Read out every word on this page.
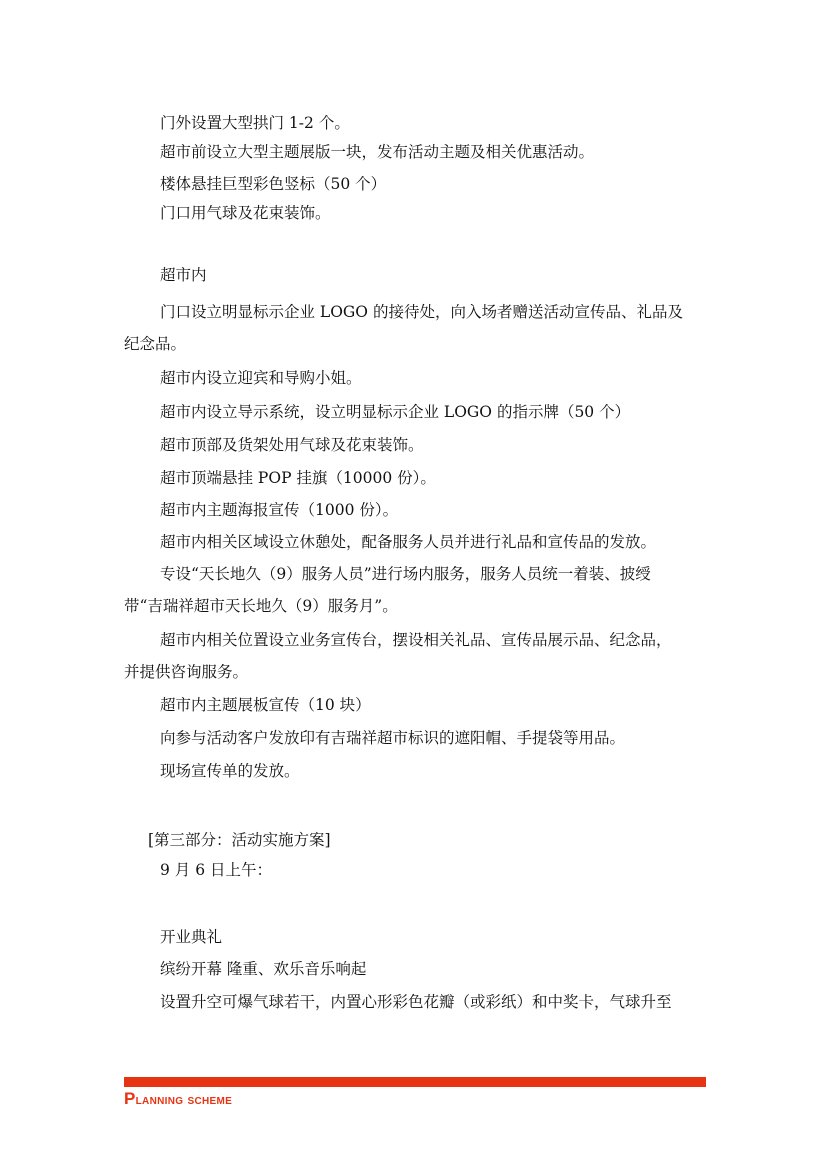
门外设置大型拱门 1-2 个。
超市前设立大型主题展版一块，发布活动主题及相关优惠活动。
楼体悬挂巨型彩色竖标（50 个）
门口用气球及花束装饰。
超市内
门口设立明显标示企业 LOGO 的接待处，向入场者赠送活动宣传品、礼品及
纪念品。
超市内设立迎宾和导购小姐。
超市内设立导示系统，设立明显标示企业 LOGO 的指示牌（50 个）
超市顶部及货架处用气球及花束装饰。
超市顶端悬挂 POP 挂旗（10000 份）。
超市内主题海报宣传（1000 份）。
超市内相关区域设立休憩处，配备服务人员并进行礼品和宣传品的发放。
专设“天长地久（9）服务人员”进行场内服务，服务人员统一着装、披绶
带“吉瑞祥超市天长地久（9）服务月”。
超市内相关位置设立业务宣传台，摆设相关礼品、宣传品展示品、纪念品，
并提供咨询服务。
超市内主题展板宣传（10 块）
向参与活动客户发放印有吉瑞祥超市标识的遮阳帽、手提袋等用品。
现场宣传单的发放。
[第三部分：活动实施方案]
9 月 6 日上午：
开业典礼
缤纷开幕 隆重、欢乐音乐响起
设置升空可爆气球若干，内置心形彩色花瓣（或彩纸）和中奖卡，气球升至
Planning scheme
